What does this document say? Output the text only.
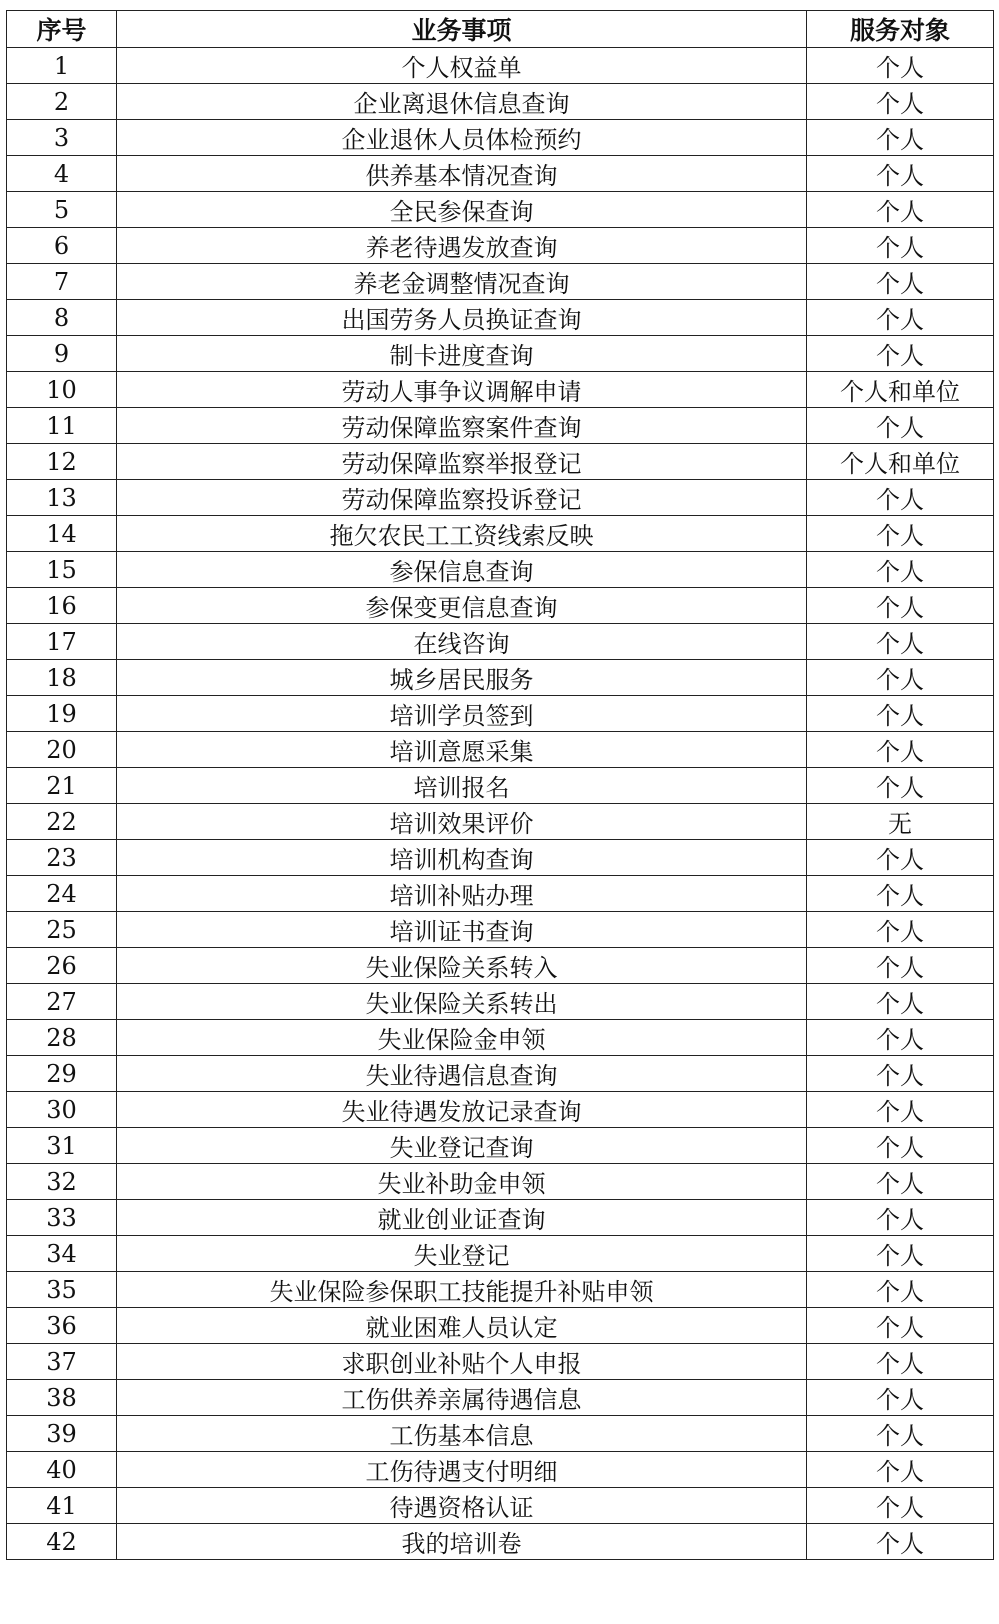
序号	业务事项	服务对象
1	个人权益单	个人
2	企业离退休信息查询	个人
3	企业退休人员体检预约	个人
4	供养基本情况查询	个人
5	全民参保查询	个人
6	养老待遇发放查询	个人
7	养老金调整情况查询	个人
8	出国劳务人员换证查询	个人
9	制卡进度查询	个人
10	劳动人事争议调解申请	个人和单位
11	劳动保障监察案件查询	个人
12	劳动保障监察举报登记	个人和单位
13	劳动保障监察投诉登记	个人
14	拖欠农民工工资线索反映	个人
15	参保信息查询	个人
16	参保变更信息查询	个人
17	在线咨询	个人
18	城乡居民服务	个人
19	培训学员签到	个人
20	培训意愿采集	个人
21	培训报名	个人
22	培训效果评价	无
23	培训机构查询	个人
24	培训补贴办理	个人
25	培训证书查询	个人
26	失业保险关系转入	个人
27	失业保险关系转出	个人
28	失业保险金申领	个人
29	失业待遇信息查询	个人
30	失业待遇发放记录查询	个人
31	失业登记查询	个人
32	失业补助金申领	个人
33	就业创业证查询	个人
34	失业登记	个人
35	失业保险参保职工技能提升补贴申领	个人
36	就业困难人员认定	个人
37	求职创业补贴个人申报	个人
38	工伤供养亲属待遇信息	个人
39	工伤基本信息	个人
40	工伤待遇支付明细	个人
41	待遇资格认证	个人
42	我的培训卷	个人
